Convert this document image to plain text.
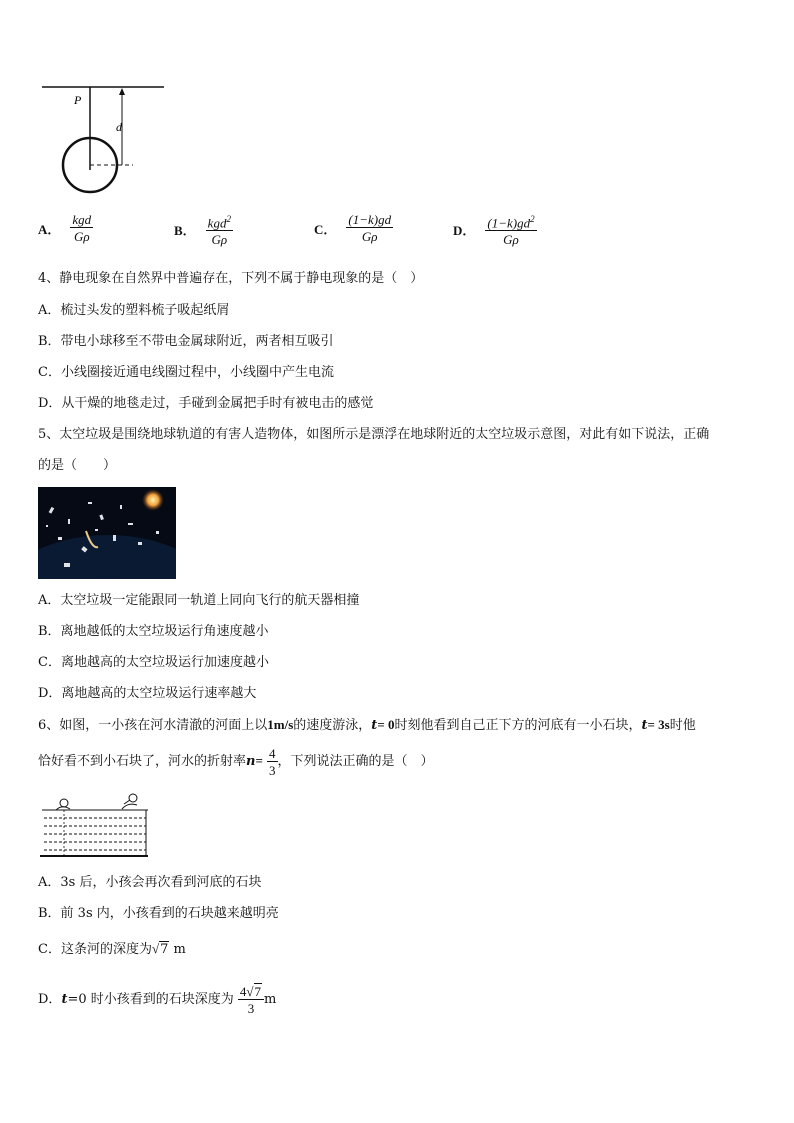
P
d
A． $\frac{\text{kgd}}{G\rho}$	B． $\frac{kgd^2}{G\rho}$	C． $\frac{(1-k)gd}{G\rho}$	D． $\frac{(1-k)gd^2}{G\rho}$
4、静电现象在自然界中普遍存在，下列不属于静电现象的是（　）
A．梳过头发的塑料梳子吸起纸屑
B．带电小球移至不带电金属球附近，两者相互吸引
C．小线圈接近通电线圈过程中，小线圈中产生电流
D．从干燥的地毯走过，手碰到金属把手时有被电击的感觉
5、太空垃圾是围绕地球轨道的有害人造物体，如图所示是漂浮在地球附近的太空垃圾示意图，对此有如下说法，正确
的是（　　）
A．太空垃圾一定能跟同一轨道上同向飞行的航天器相撞
B．离地越低的太空垃圾运行角速度越小
C．离地越高的太空垃圾运行加速度越小
D．离地越高的太空垃圾运行速率越大
6、如图，一小孩在河水清澈的河面上以1m/s的速度游泳，t= 0时刻他看到自己正下方的河底有一小石块，t= 3s时他
恰好看不到小石块了，河水的折射率$n= \frac{4}{3}$ ，下列说法正确的是（　）
A．3s 后，小孩会再次看到河底的石块
B．前 3s 内，小孩看到的石块越来越明亮
C．这条河的深度为√7 m
D．t=0 时小孩看到的石块深度为 $\frac{4√7}{3}$ m
